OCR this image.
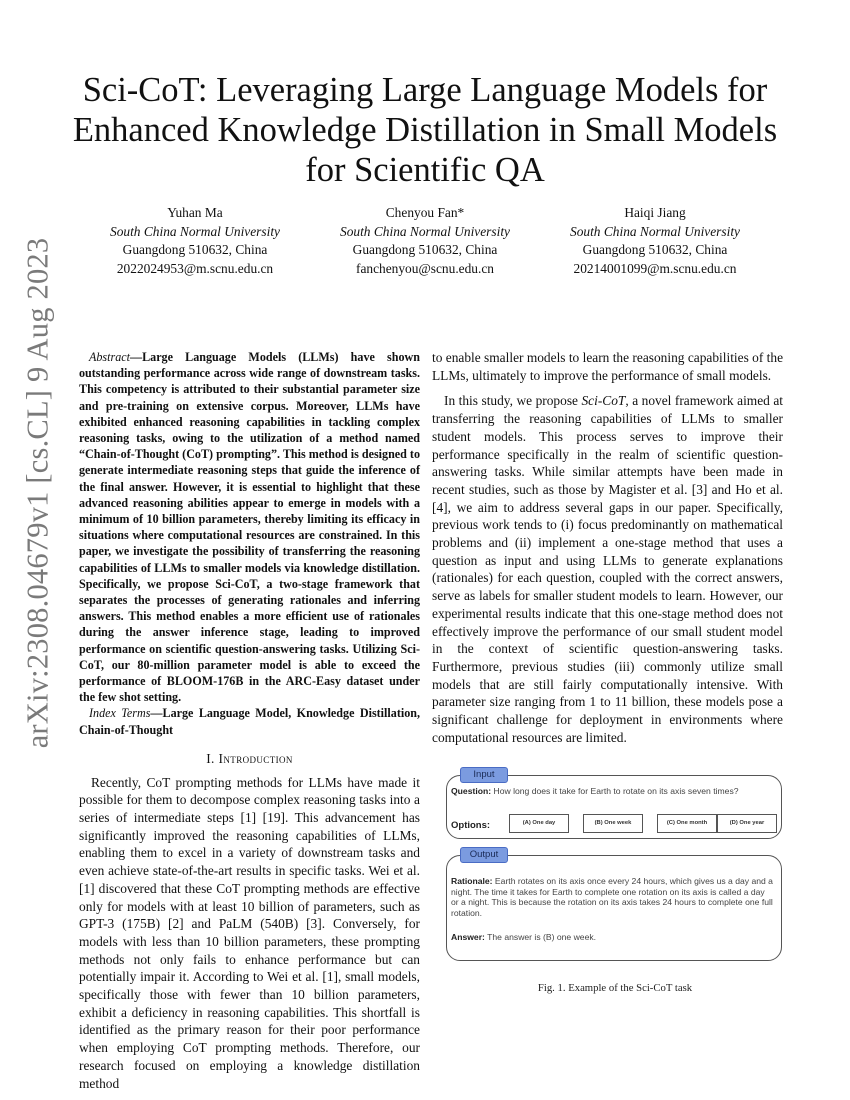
arXiv:2308.04679v1 [cs.CL] 9 Aug 2023
Sci-CoT: Leveraging Large Language Models for Enhanced Knowledge Distillation in Small Models for Scientific QA
Yuhan Ma
South China Normal University
Guangdong 510632, China
2022024953@m.scnu.edu.cn
Chenyou Fan*
South China Normal University
Guangdong 510632, China
fanchenyou@scnu.edu.cn
Haiqi Jiang
South China Normal University
Guangdong 510632, China
20214001099@m.scnu.edu.cn

Abstract—Large Language Models (LLMs) have shown outstanding performance across wide range of downstream tasks. This competency is attributed to their substantial parameter size and pre-training on extensive corpus. Moreover, LLMs have exhibited enhanced reasoning capabilities in tackling complex reasoning tasks, owing to the utilization of a method named “Chain-of-Thought (CoT) prompting”. This method is designed to generate intermediate reasoning steps that guide the inference of the final answer. However, it is essential to highlight that these advanced reasoning abilities appear to emerge in models with a minimum of 10 billion parameters, thereby limiting its efficacy in situations where computational resources are constrained. In this paper, we investigate the possibility of transferring the reasoning capabilities of LLMs to smaller models via knowledge distillation. Specifically, we propose Sci-CoT, a two-stage framework that separates the processes of generating rationales and inferring answers. This method enables a more efficient use of rationales during the answer inference stage, leading to improved performance on scientific question-answering tasks. Utilizing Sci-CoT, our 80-million parameter model is able to exceed the performance of BLOOM-176B in the ARC-Easy dataset under the few shot setting.

Index Terms—Large Language Model, Knowledge Distillation, Chain-of-Thought

I. Introduction

Recently, CoT prompting methods for LLMs have made it possible for them to decompose complex reasoning tasks into a series of intermediate steps [1] [19]. This advancement has significantly improved the reasoning capabilities of LLMs, enabling them to excel in a variety of downstream tasks and even achieve state-of-the-art results in specific tasks. Wei et al. [1] discovered that these CoT prompting methods are effective only for models with at least 10 billion of parameters, such as GPT-3 (175B) [2] and PaLM (540B) [3]. Conversely, for models with less than 10 billion parameters, these prompting methods not only fails to enhance performance but can potentially impair it. According to Wei et al. [1], small models, specifically those with fewer than 10 billion parameters, exhibit a deficiency in reasoning capabilities. This shortfall is identified as the primary reason for their poor performance when employing CoT prompting methods. Therefore, our research focused on employing a knowledge distillation method

to enable smaller models to learn the reasoning capabilities of the LLMs, ultimately to improve the performance of small models.

In this study, we propose Sci-CoT, a novel framework aimed at transferring the reasoning capabilities of LLMs to smaller student models. This process serves to improve their performance specifically in the realm of scientific question-answering tasks. While similar attempts have been made in recent studies, such as those by Magister et al. [3] and Ho et al. [4], we aim to address several gaps in our paper. Specifically, previous work tends to (i) focus predominantly on mathematical problems and (ii) implement a one-stage method that uses a question as input and using LLMs to generate explanations (rationales) for each question, coupled with the correct answers, serve as labels for smaller student models to learn. However, our experimental results indicate that this one-stage method does not effectively improve the performance of our small student model in the context of scientific question-answering tasks. Furthermore, previous studies (iii) commonly utilize small models that are still fairly computationally intensive. With parameter size ranging from 1 to 11 billion, these models pose a significant challenge for deployment in environments where computational resources are limited.

Input
Question: How long does it take for Earth to rotate on its axis seven times?
Options:	(A) One day	(B) One week	(C) One month	(D) One year
Output
Rationale: Earth rotates on its axis once every 24 hours, which gives us a day and a night. The time it takes for Earth to complete one rotation on its axis is called a day or a night. This is because the rotation on its axis takes 24 hours to complete one full rotation.
Answer: The answer is (B) one week.
Fig. 1. Example of the Sci-CoT task
